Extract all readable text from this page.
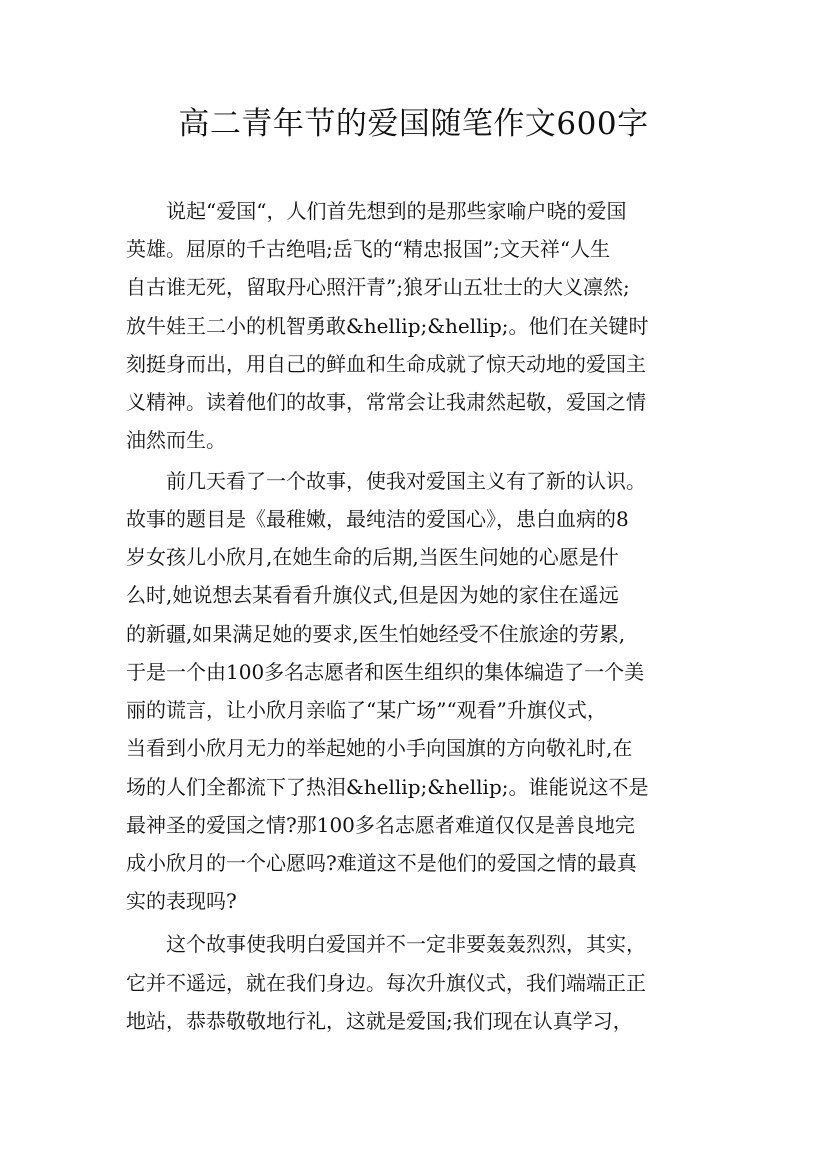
高二青年节的爱国随笔作文600字
　　说起“爱国“，人们首先想到的是那些家喻户晓的爱国
英雄。屈原的千古绝唱;岳飞的“精忠报国”;文天祥“人生
自古谁无死，留取丹心照汗青”;狼牙山五壮士的大义凛然;
放牛娃王二小的机智勇敢&hellip;&hellip;。他们在关键时
刻挺身而出，用自己的鲜血和生命成就了惊天动地的爱国主
义精神。读着他们的故事，常常会让我肃然起敬，爱国之情
油然而生。
　　前几天看了一个故事，使我对爱国主义有了新的认识。
故事的题目是《最稚嫩，最纯洁的爱国心》，患白血病的8
岁女孩儿小欣月,在她生命的后期,当医生问她的心愿是什
么时,她说想去某看看升旗仪式,但是因为她的家住在遥远
的新疆,如果满足她的要求,医生怕她经受不住旅途的劳累,
于是一个由100多名志愿者和医生组织的集体编造了一个美
丽的谎言，让小欣月亲临了“某广场”“观看”升旗仪式，
当看到小欣月无力的举起她的小手向国旗的方向敬礼时,在
场的人们全都流下了热泪&hellip;&hellip;。谁能说这不是
最神圣的爱国之情?那100多名志愿者难道仅仅是善良地完
成小欣月的一个心愿吗?难道这不是他们的爱国之情的最真
实的表现吗?
　　这个故事使我明白爱国并不一定非要轰轰烈烈，其实，
它并不遥远，就在我们身边。每次升旗仪式，我们端端正正
地站，恭恭敬敬地行礼，这就是爱国;我们现在认真学习，
